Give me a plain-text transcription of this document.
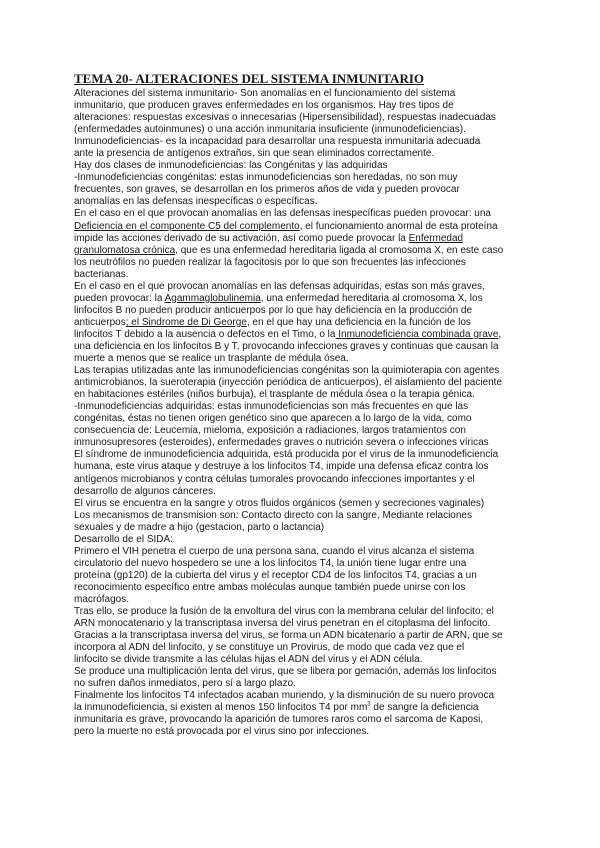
TEMA 20- ALTERACIONES DEL SISTEMA INMUNITARIO

Alteraciones del sistema inmunitario- Son anomalías en el funcionamiento del sistema
inmunitario, que producen graves enfermedades en los organismos. Hay tres tipos de
alteraciones: respuestas excesivas o innecesarias (Hipersensibilidad), respuestas inadecuadas
(enfermedades autoinmunes) o una acción inmunitaria insuficiente (inmunodeficiencias).
Inmunodeficiencias- es la incapacidad para desarrollar una respuesta inmunitaria adecuada
ante la presencia de antígenos extraños, sin que sean eliminados correctamente.
Hay dos clases de inmunodeficiencias: las Congénitas y las adquiridas
-Inmunodeficiencias congénitas: estas inmunodeficiencias son heredadas, no son muy
frecuentes, son graves, se desarrollan en los primeros años de vida y pueden provocar
anomalías en las defensas inespecíficas o específicas.

En el caso en el que provocan anomalías en las defensas inespecíficas pueden provocar: una
Deficiencia en el componente C5 del complemento, el funcionamiento anormal de esta proteína
impide las acciones derivado de su activación, así como puede provocar la Enfermedad
granulomatosa crónica, que es una enfermedad hereditaria ligada al cromosoma X, en este caso
los neutrófilos no pueden realizar la fagocitosis por lo que son frecuentes las infecciones
bacterianas.

En el caso en el que provocan anomalías en las defensas adquiridas, estas son más graves,
pueden provocar: la Agammaglobulinemia, una enfermedad hereditaria al cromosoma X, los
linfocitos B no pueden producir anticuerpos por lo que hay deficiencia en la producción de
anticuerpos; el Sindrome de Di George, en el que hay una deficiencia en la función de los
linfocitos T debido a la ausencia o defectos en el Timo, o la Inmunodeficiencia combinada grave,
una deficiencia en los linfocitos B y T, provocando infecciones graves y continuas que causan la
muerte a menos que se realice un trasplante de médula ósea.

Las terapias utilizadas ante las inmunodeficiencias congénitas son la quimioterapia con agentes
antimicrobianos, la sueroterapia (inyección periódica de anticuerpos), el aislamiento del paciente
en habitaciones estériles (niños burbuja), el trasplante de médula ósea o la terapia génica.
-Inmunodeficiencias adquiridas: estas inmunodeficiencias son más frecuentes en que las
congénitas, éstas no tienen origen genético sino que aparecen a lo largo de la vida, como
consecuencia de: Leucemia, mieloma, exposición a radiaciones, largos tratamientos con
inmunosupresores (esteroides), enfermedades graves o nutrición severa o infecciones víricas
El síndrome de inmunodeficiencia adquirida, está producida por el virus de la inmunodeficiencia
humana, este virus ataque y destruye a los linfocitos T4, impide una defensa eficaz contra los
antígenos microbianos y contra células tumorales provocando infecciones importantes y el
desarrollo de algunos cánceres.
El virus se encuentra en la sangre y otros fluidos orgánicos (semen y secreciones vaginales)
Los mecanismos de transmision son: Contacto directo con la sangre, Mediante relaciones
sexuales y de madre a hijo (gestacion, parto o lactancia)
Desarrollo de el SIDA:
Primero el VIH penetra el cuerpo de una persona sana, cuando el virus alcanza el sistema
circulatorio del nuevo hospedero se une a los linfocitos T4, la unión tiene lugar entre una
proteína (gp120) de la cubierta del virus y el receptor CD4 de los linfocitos T4, gracias a un
reconocimiento específico entre ambas moléculas aunque también puede unirse con los
macrófagos.
Tras ello, se produce la fusión de la envoltura del virus con la membrana celular del linfocito; el
ARN monocatenario y la transcriptasa inversa del virus penetran en el citoplasma del linfocito.
Gracias a la transcriptasa inversa del virus, se forma un ADN bicatenario a partir de ARN, que se
incorpora al ADN del linfocito, y se constituye un Provirus, de modo que cada vez que el
linfocito se divide transmite a las células hijas el ADN del virus y el ADN célula.
Se produce una multiplicación lenta del virus, que se libera por gemación, además los linfocitos
no sufren daños inmediatos, pero sí a largo plazo.
Finalmente los linfocitos T4 infectados acaban muriendo, y la disminución de su nuero provoca
la inmunodeficiencia, si existen al menos 150 linfocitos T4 por $mm^3$ de sangre la deficiencia
inmunitaria es grave, provocando la aparición de tumores raros como el sarcoma de Kaposi,
pero la muerte no está provocada por el virus sino por infecciones.
